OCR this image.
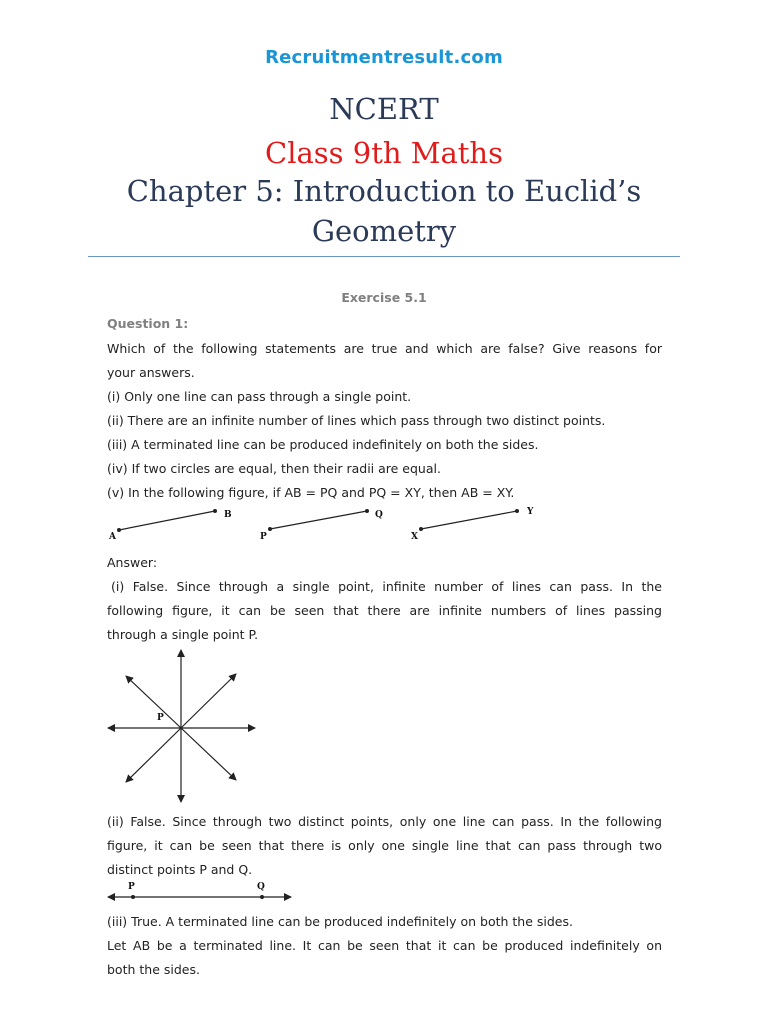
Recruitmentresult.com
NCERT
Class 9th Maths
Chapter 5: Introduction to Euclid’s
Geometry
Exercise 5.1
Question 1:
Which of the following statements are true and which are false? Give reasons for
your answers.
(i) Only one line can pass through a single point.
(ii) There are an infinite number of lines which pass through two distinct points.
(iii) A terminated line can be produced indefinitely on both the sides.
(iv) If two circles are equal, then their radii are equal.
(v) In the following figure, if AB = PQ and PQ = XY, then AB = XY.
A
B
P
Q
X
Y
Answer:
(i) False. Since through a single point, infinite number of lines can pass. In the
following figure, it can be seen that there are infinite numbers of lines passing
through a single point P.
P
(ii) False. Since through two distinct points, only one line can pass. In the following
figure, it can be seen that there is only one single line that can pass through two
distinct points P and Q.
P	Q
(iii) True. A terminated line can be produced indefinitely on both the sides.
Let AB be a terminated line. It can be seen that it can be produced indefinitely on
both the sides.
